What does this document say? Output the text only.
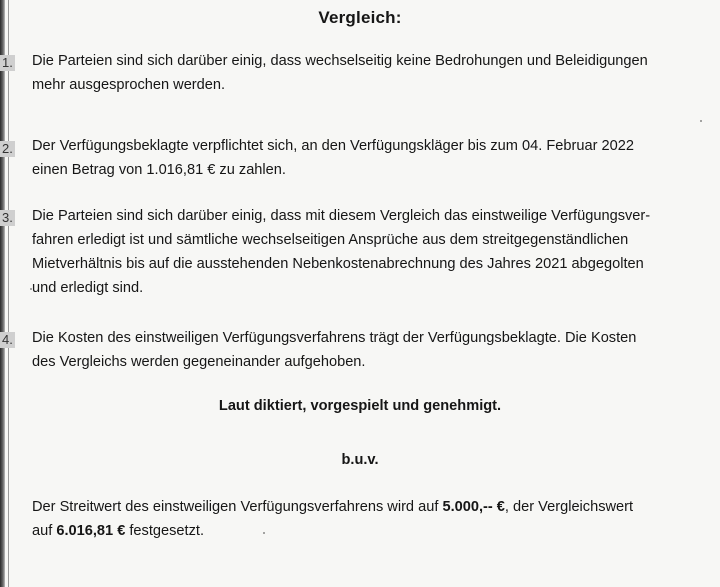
Vergleich:
1. Die Parteien sind sich darüber einig, dass wechselseitig keine Bedrohungen und Beleidigungen
mehr ausgesprochen werden.
2. Der Verfügungsbeklagte verpflichtet sich, an den Verfügungskläger bis zum 04. Februar 2022
einen Betrag von 1.016,81 € zu zahlen.
3. Die Parteien sind sich darüber einig, dass mit diesem Vergleich das einstweilige Verfügungsver-
fahren erledigt ist und sämtliche wechselseitigen Ansprüche aus dem streitgegenständlichen
Mietverhältnis bis auf die ausstehenden Nebenkostenabrechnung des Jahres 2021 abgegolten
und erledigt sind.
4. Die Kosten des einstweiligen Verfügungsverfahrens trägt der Verfügungsbeklagte. Die Kosten
des Vergleichs werden gegeneinander aufgehoben.
Laut diktiert, vorgespielt und genehmigt.
b.u.v.
Der Streitwert des einstweiligen Verfügungsverfahrens wird auf 5.000,-- €, der Vergleichswert
auf 6.016,81 € festgesetzt.
